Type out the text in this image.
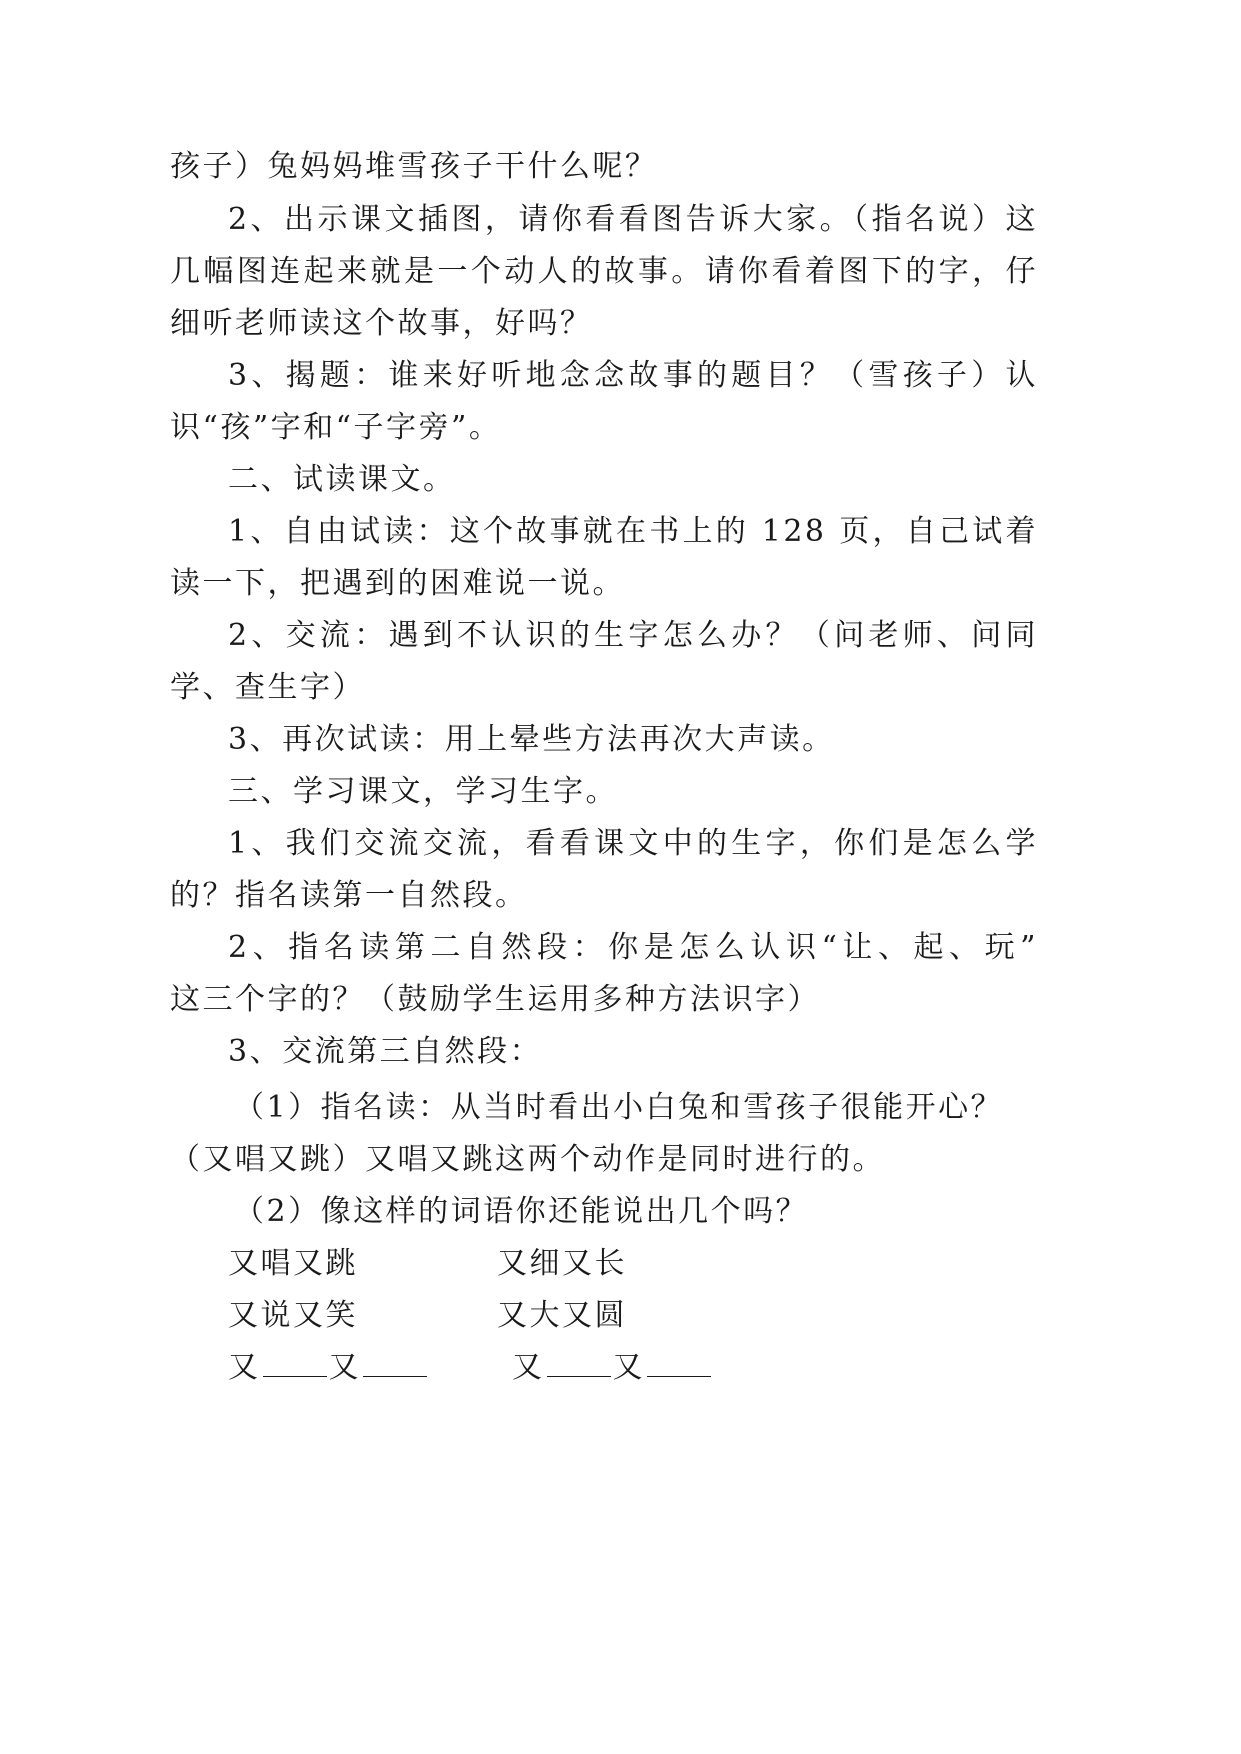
孩子）兔妈妈堆雪孩子干什么呢？
2、出示课文插图，请你看看图告诉大家。（指名说）这
几幅图连起来就是一个动人的故事。请你看着图下的字，仔
细听老师读这个故事，好吗？
3、揭题：谁来好听地念念故事的题目？（雪孩子）认
识“孩”字和“子字旁”。
二、试读课文。
1、自由试读：这个故事就在书上的 128 页，自己试着
读一下，把遇到的困难说一说。
2、交流：遇到不认识的生字怎么办？（问老师、问同
学、查生字）
3、再次试读：用上晕些方法再次大声读。
三、学习课文，学习生字。
1、我们交流交流，看看课文中的生字，你们是怎么学
的？指名读第一自然段。
2、指名读第二自然段：你是怎么认识“让、起、玩”
这三个字的？（鼓励学生运用多种方法识字）
3、交流第三自然段：
（1）指名读：从当时看出小白兔和雪孩子很能开心？
（又唱又跳）又唱又跳这两个动作是同时进行的。
（2）像这样的词语你还能说出几个吗？
又唱又跳	又细又长
又说又笑	又大又圆
又 又	又 又
